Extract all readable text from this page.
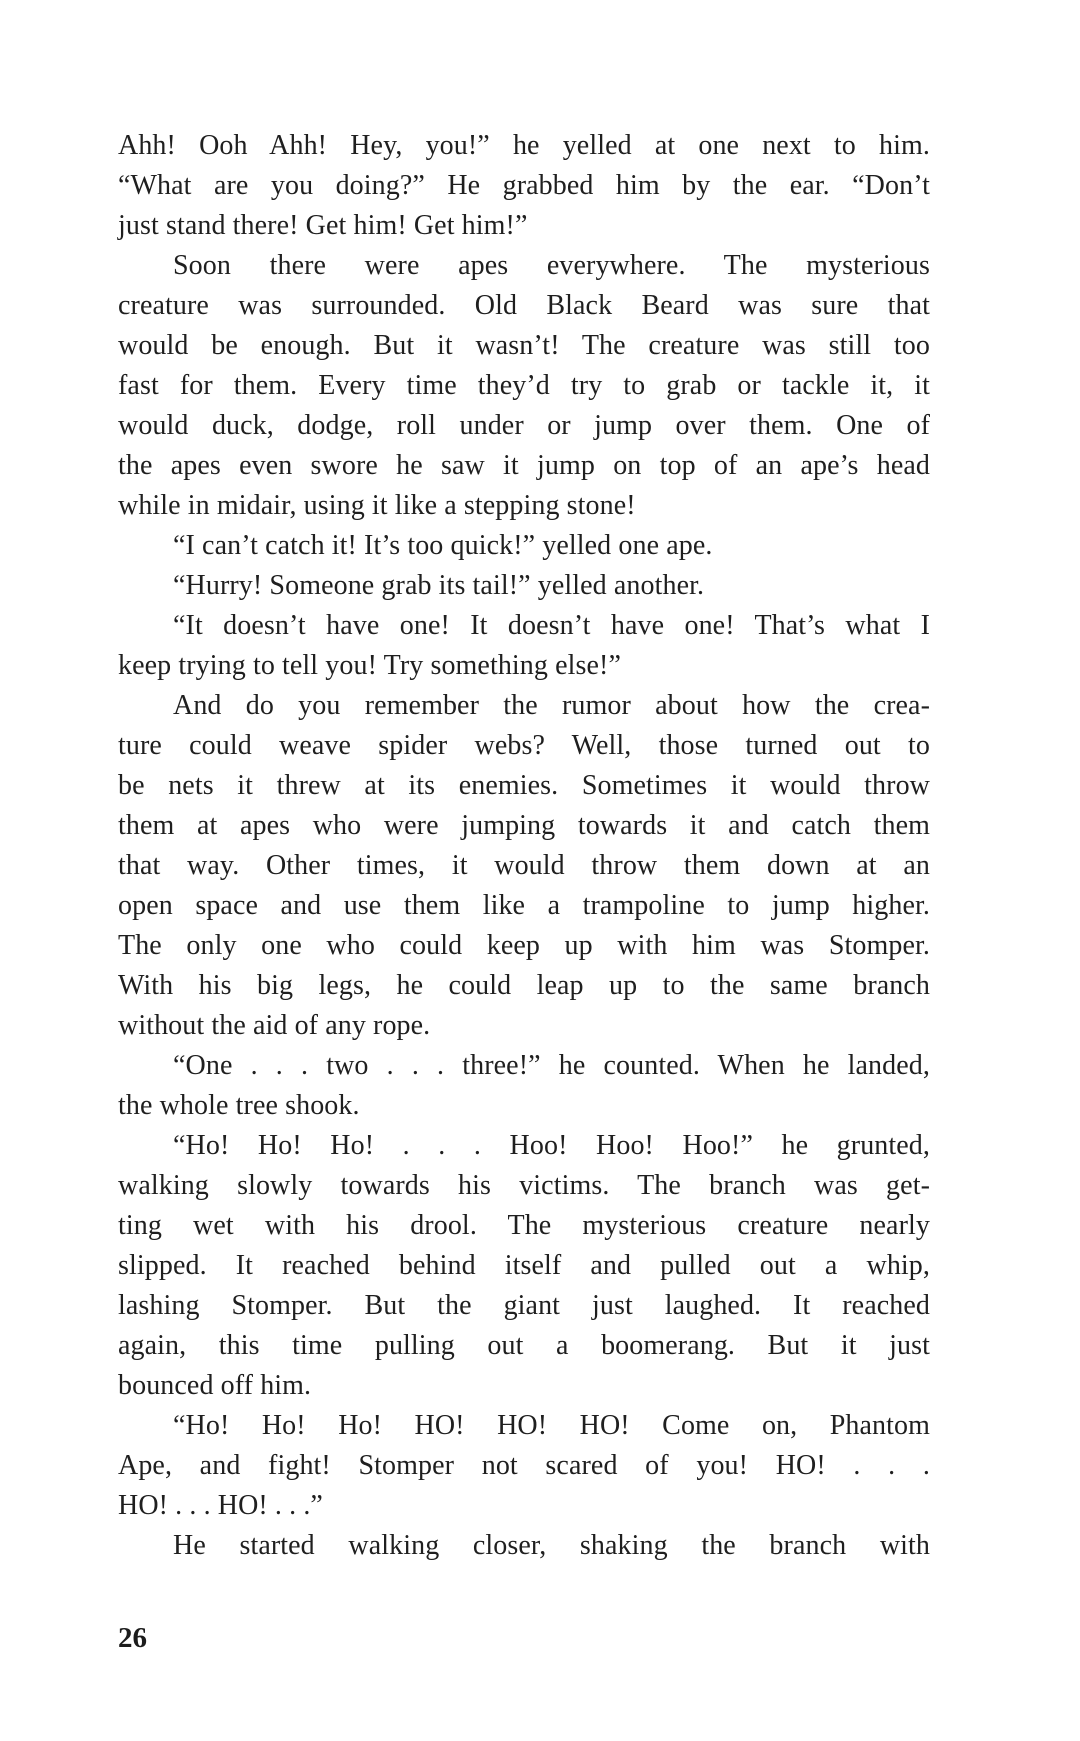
Ahh! Ooh Ahh! Hey, you!” he yelled at one next to him.
“What are you doing?” He grabbed him by the ear. “Don’t
just stand there! Get him! Get him!”
Soon there were apes everywhere. The mysterious
creature was surrounded. Old Black Beard was sure that
would be enough. But it wasn’t! The creature was still too
fast for them. Every time they’d try to grab or tackle it, it
would duck, dodge, roll under or jump over them. One of
the apes even swore he saw it jump on top of an ape’s head
while in midair, using it like a stepping stone!
“I can’t catch it! It’s too quick!” yelled one ape.
“Hurry! Someone grab its tail!” yelled another.
“It doesn’t have one! It doesn’t have one! That’s what I
keep trying to tell you! Try something else!”
And do you remember the rumor about how the crea-
ture could weave spider webs? Well, those turned out to
be nets it threw at its enemies. Sometimes it would throw
them at apes who were jumping towards it and catch them
that way. Other times, it would throw them down at an
open space and use them like a trampoline to jump higher.
The only one who could keep up with him was Stomper.
With his big legs, he could leap up to the same branch
without the aid of any rope.
“One . . . two . . . three!” he counted. When he landed,
the whole tree shook.
“Ho! Ho! Ho! . . . Hoo! Hoo! Hoo!” he grunted,
walking slowly towards his victims. The branch was get-
ting wet with his drool. The mysterious creature nearly
slipped. It reached behind itself and pulled out a whip,
lashing Stomper. But the giant just laughed. It reached
again, this time pulling out a boomerang. But it just
bounced off him.
“Ho! Ho! Ho! HO! HO! HO! Come on, Phantom
Ape, and fight! Stomper not scared of you! HO! . . .
HO! . . . HO! . . .”
He started walking closer, shaking the branch with
26
